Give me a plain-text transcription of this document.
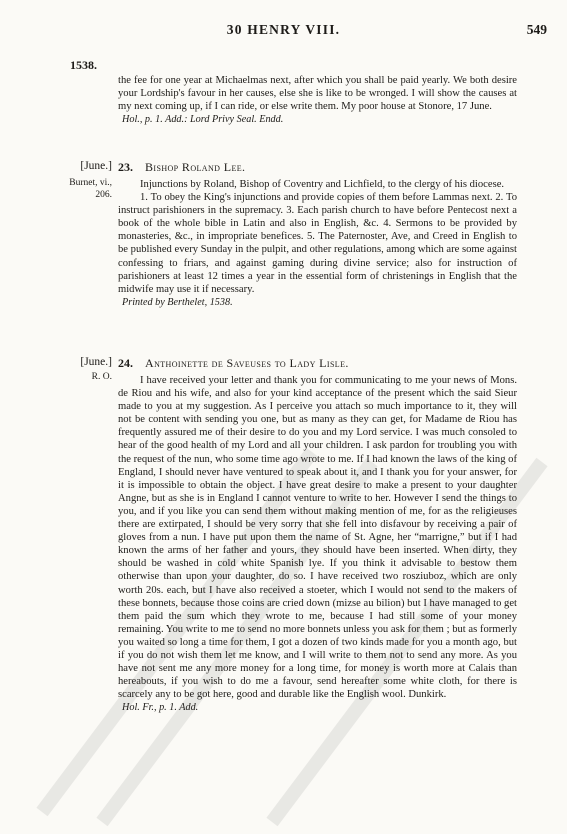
30 HENRY VIII.	549
1538.

the fee for one year at Michaelmas next, after which you shall be paid yearly. We both desire your Lordship's favour in her causes, else she is like to be wronged. I will show the causes at my next coming up, if I can ride, or else write them. My poor house at Stonore, 17 June.

Hol., p. 1. Add.: Lord Privy Seal. Endd.

[June.]
Burnet, vi., 206.
23. Bishop Roland Lee.

Injunctions by Roland, Bishop of Coventry and Lichfield, to the clergy of his diocese.

1. To obey the King's injunctions and provide copies of them before Lammas next. 2. To instruct parishioners in the supremacy. 3. Each parish church to have before Pentecost next a book of the whole bible in Latin and also in English, &c. 4. Sermons to be provided by monasteries, &c., in impropriate benefices. 5. The Paternoster, Ave, and Creed in English to be published every Sunday in the pulpit, and other regulations, among which are some against confessing to friars, and against gaming during divine service; also for instruction of parishioners at least 12 times a year in the essential form of christenings in English that the midwife may use it if necessary.

Printed by Berthelet, 1538.

[June.]
R. O.
24. Anthoinette de Saveuses to Lady Lisle.

I have received your letter and thank you for communicating to me your news of Mons. de Riou and his wife, and also for your kind acceptance of the present which the said Sieur made to you at my suggestion. As I perceive you attach so much importance to it, they will not be content with sending you one, but as many as they can get, for Madame de Riou has frequently assured me of their desire to do you and my Lord service. I was much consoled to hear of the good health of my Lord and all your children. I ask pardon for troubling you with the request of the nun, who some time ago wrote to me. If I had known the laws of the king of England, I should never have ventured to speak about it, and I thank you for your answer, for it is impossible to obtain the object. I have great desire to make a present to your daughter Angne, but as she is in England I cannot venture to write to her. However I send the things to you, and if you like you can send them without making mention of me, for as the religieuses there are extirpated, I should be very sorry that she fell into disfavour by receiving a pair of gloves from a nun. I have put upon them the name of St. Agne, her “marrigne,” but if I had known the arms of her father and yours, they should have been inserted. When dirty, they should be washed in cold white Spanish lye. If you think it advisable to bestow them otherwise than upon your daughter, do so. I have received two rosziuboz, which are only worth 20s. each, but I have also received a stoeter, which I would not send to the makers of these bonnets, because those coins are cried down (mizse au bilion) but I have managed to get them paid the sum which they wrote to me, because I had still some of your money remaining. You write to me to send no more bonnets unless you ask for them ; but as formerly you waited so long a time for them, I got a dozen of two kinds made for you a month ago, but if you do not wish them let me know, and I will write to them not to send any more. As you have not sent me any more money for a long time, for money is worth more at Calais than hereabouts, if you wish to do me a favour, send hereafter some white cloth, for there is scarcely any to be got here, good and durable like the English wool. Dunkirk.

Hol. Fr., p. 1. Add.
